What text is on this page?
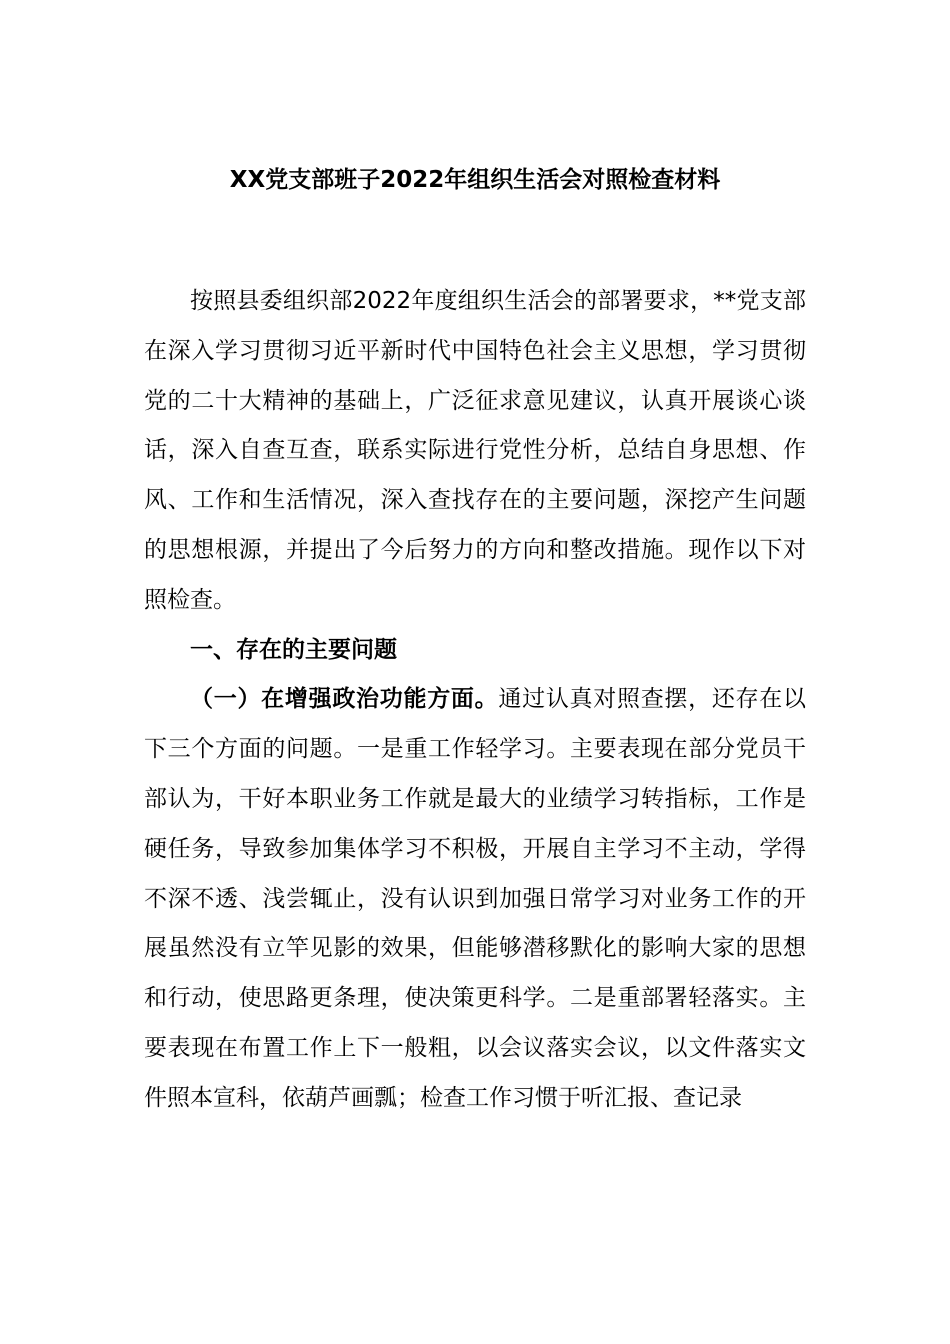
XX党支部班子2022年组织生活会对照检查材料

按照县委组织部2022年度组织生活会的部署要求，**党支部在深入学习贯彻习近平新时代中国特色社会主义思想，学习贯彻党的二十大精神的基础上，广泛征求意见建议，认真开展谈心谈话，深入自查互查，联系实际进行党性分析，总结自身思想、作风、工作和生活情况，深入查找存在的主要问题，深挖产生问题的思想根源，并提出了今后努力的方向和整改措施。现作以下对照检查。

一、存在的主要问题

（一）在增强政治功能方面。通过认真对照查摆，还存在以下三个方面的问题。一是重工作轻学习。主要表现在部分党员干部认为，干好本职业务工作就是最大的业绩学习转指标，工作是硬任务，导致参加集体学习不积极，开展自主学习不主动，学得不深不透、浅尝辄止，没有认识到加强日常学习对业务工作的开展虽然没有立竿见影的效果，但能够潜移默化的影响大家的思想和行动，使思路更条理，使决策更科学。二是重部署轻落实。主要表现在布置工作上下一般粗，以会议落实会议，以文件落实文件照本宣科，依葫芦画瓢；检查工作习惯于听汇报、查记录
